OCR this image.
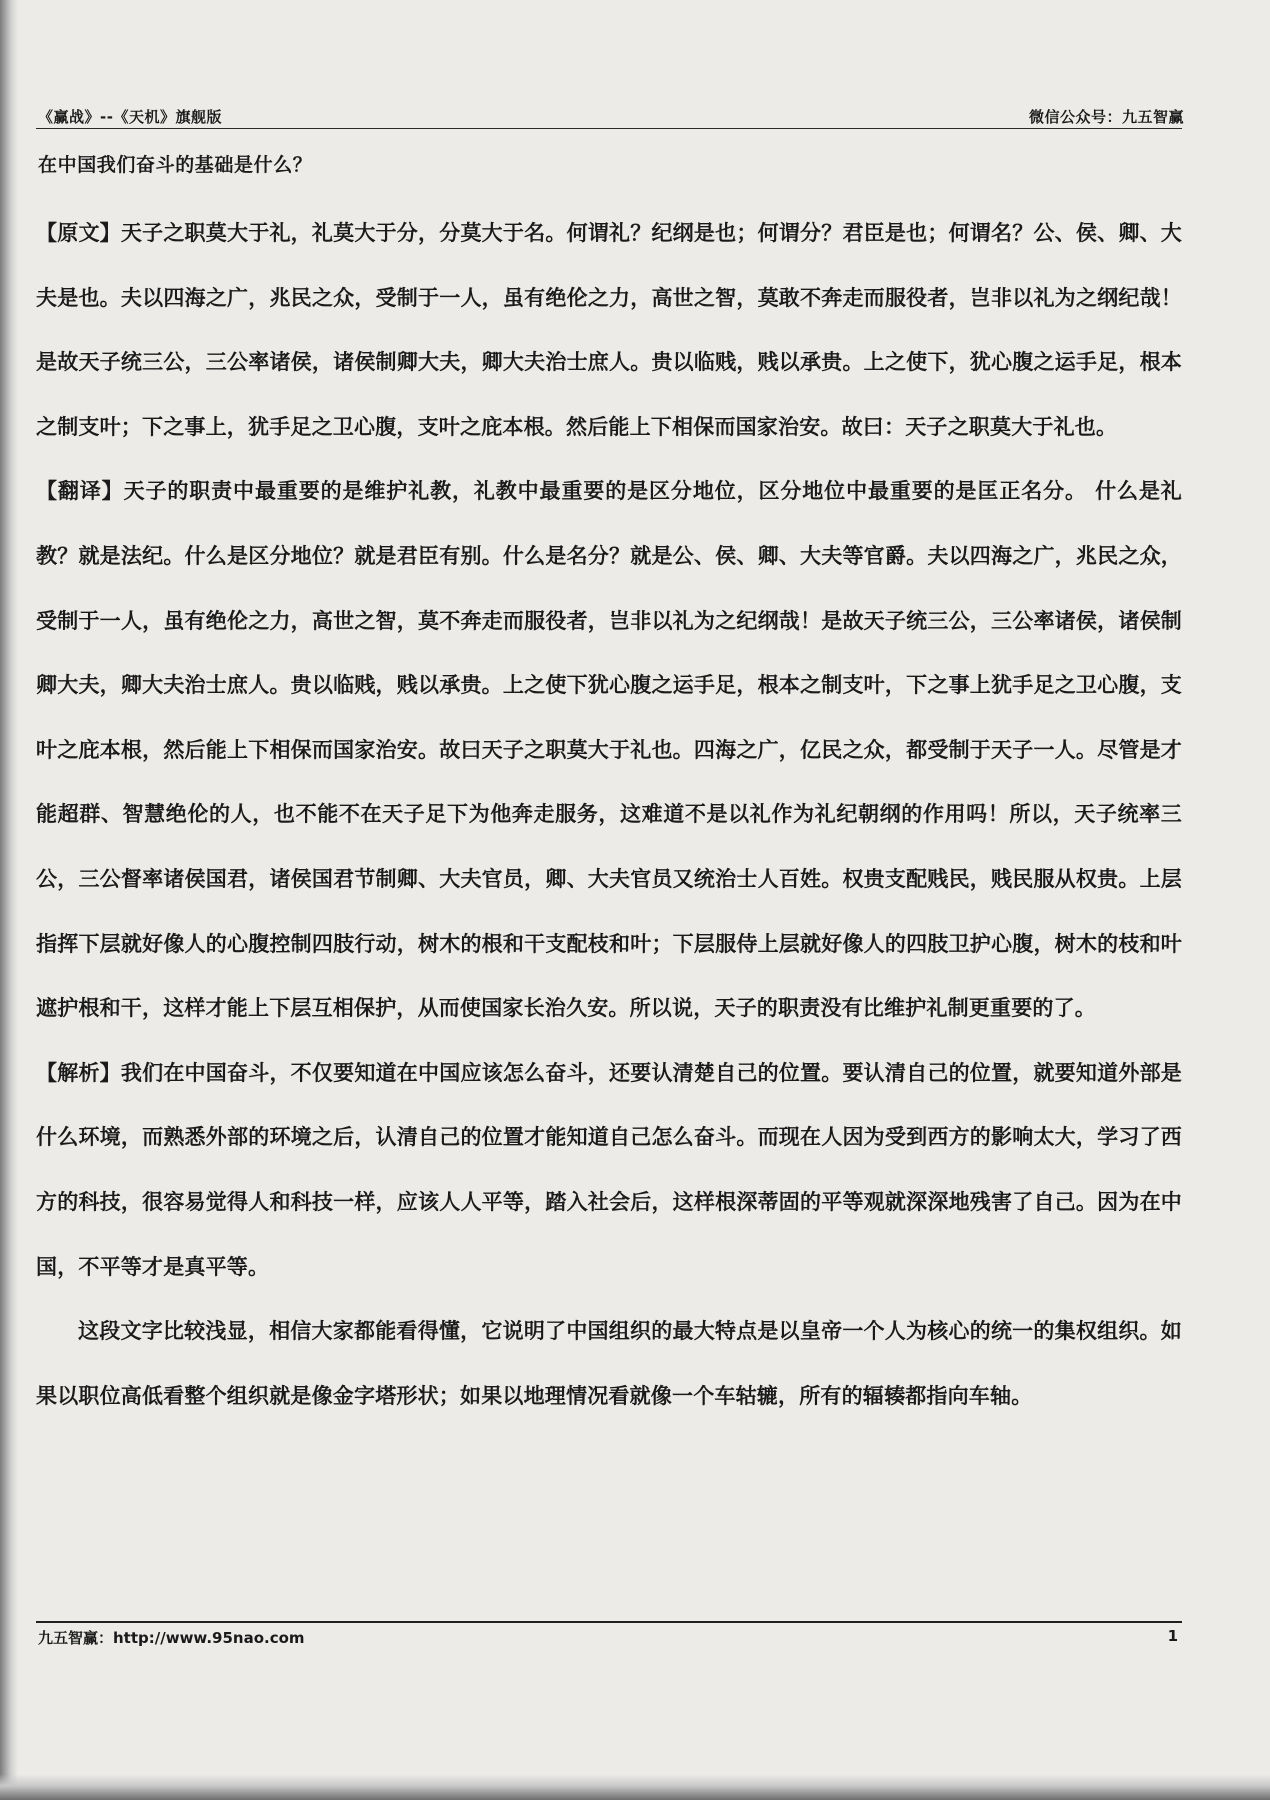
《赢战》--《天机》旗舰版	微信公众号：九五智赢
在中国我们奋斗的基础是什么？

【原文】天子之职莫大于礼，礼莫大于分，分莫大于名。何谓礼？纪纲是也；何谓分？君臣是也；何谓名？公、侯、卿、大夫是也。夫以四海之广，兆民之众，受制于一人，虽有绝伦之力，高世之智，莫敢不奔走而服役者，岂非以礼为之纲纪哉！是故天子统三公，三公率诸侯，诸侯制卿大夫，卿大夫治士庶人。贵以临贱，贱以承贵。上之使下，犹心腹之运手足，根本之制支叶；下之事上，犹手足之卫心腹，支叶之庇本根。然后能上下相保而国家治安。故曰：天子之职莫大于礼也。

【翻译】天子的职责中最重要的是维护礼教，礼教中最重要的是区分地位，区分地位中最重要的是匡正名分。 什么是礼教？就是法纪。什么是区分地位？就是君臣有别。什么是名分？就是公、侯、卿、大夫等官爵。夫以四海之广，兆民之众，受制于一人，虽有绝伦之力，高世之智，莫不奔走而服役者，岂非以礼为之纪纲哉！是故天子统三公，三公率诸侯，诸侯制卿大夫，卿大夫治士庶人。贵以临贱，贱以承贵。上之使下犹心腹之运手足，根本之制支叶，下之事上犹手足之卫心腹，支叶之庇本根，然后能上下相保而国家治安。故曰天子之职莫大于礼也。四海之广，亿民之众，都受制于天子一人。尽管是才能超群、智慧绝伦的人，也不能不在天子足下为他奔走服务，这难道不是以礼作为礼纪朝纲的作用吗！所以，天子统率三公，三公督率诸侯国君，诸侯国君节制卿、大夫官员，卿、大夫官员又统治士人百姓。权贵支配贱民，贱民服从权贵。上层指挥下层就好像人的心腹控制四肢行动，树木的根和干支配枝和叶；下层服侍上层就好像人的四肢卫护心腹，树木的枝和叶遮护根和干，这样才能上下层互相保护，从而使国家长治久安。所以说，天子的职责没有比维护礼制更重要的了。

【解析】我们在中国奋斗，不仅要知道在中国应该怎么奋斗，还要认清楚自己的位置。要认清自己的位置，就要知道外部是什么环境，而熟悉外部的环境之后，认清自己的位置才能知道自己怎么奋斗。而现在人因为受到西方的影响太大，学习了西方的科技，很容易觉得人和科技一样，应该人人平等，踏入社会后，这样根深蒂固的平等观就深深地残害了自己。因为在中国，不平等才是真平等。

这段文字比较浅显，相信大家都能看得懂，它说明了中国组织的最大特点是以皇帝一个人为核心的统一的集权组织。如果以职位高低看整个组织就是像金字塔形状；如果以地理情况看就像一个车轱辘，所有的辐辏都指向车轴。

九五智赢：http://www.95nao.com	1
